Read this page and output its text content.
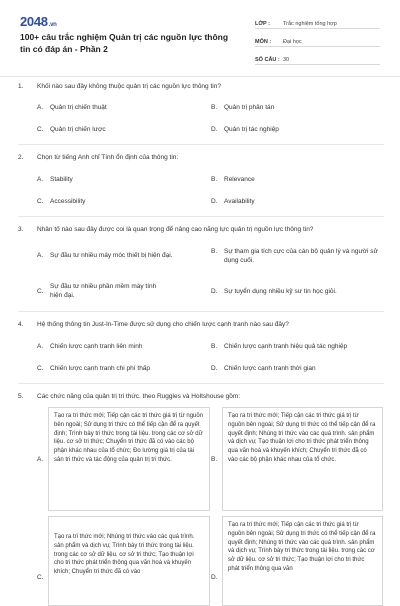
2048.vn
100+ câu trắc nghiệm Quản trị các nguồn lực thông tin có đáp án - Phần 2
LỚP :	Trắc nghiệm tổng hợp
MÔN :	Đại học
SỐ CÂU : 30
1.	Khối nào sau đây không thuộc quản trị các nguồn lực thông tin?
A.	Quản trị chiến thuật	B.	Quản trị phân tán
C.	Quản trị chiến lược	D.	Quản trị tác nghiệp
2.	Chọn từ tiếng Anh chỉ Tính ổn định của thông tin:
A.	Stability	B.	Relevance
C.	Accessibility	D.	Availability
3.	Nhân tố nào sau đây được coi là quan trọng để nâng cao năng lực quản trị nguồn lực thông tin?
A.	Sự đầu tư nhiều máy móc thiết bị hiện đại.
B.	Sự tham gia tích cực của cán bộ quản lý và người sử dụng cuối.
C.
Sự đầu tư nhiều phần mềm máy tính hiện đại.
D.	Sự tuyển dụng nhiều kỹ sư tin học giỏi.
4.	Hệ thống thông tin Just-In-Time được sử dụng cho chiến lược cạnh tranh nào sau đây?
A.	Chiến lược cạnh tranh liên minh	B.	Chiến lược cạnh tranh hiệu quả tác nghiệp
C.	Chiến lược cạnh tranh chi phí thấp	D.	Chiến lược cạnh tranh thời gian
5.	Các chức năng của quản trị tri thức. theo Ruggles và Holtshouse gồm:
A.
Tạo ra tri thức mới; Tiếp cận các tri thức giá trị từ nguồn bên ngoài; Sử dụng tri thức có thể tiếp cận để ra quyết định; Trình bày tri thức trong tài liệu. trong các cơ sở dữ liệu. cơ sở tri thức; Chuyển tri thức đã có vào các bộ phận khác nhau của tổ chức; Đo lường giá trị của tài sản tri thức và tác động của quản trị tri thức.	B.
Tạo ra tri thức mới; Tiếp cận các tri thức giá trị từ nguồn bên ngoài; Sử dụng tri thức có thể tiếp cận để ra quyết định; Nhúng tri thức vào các quá trình. sản phẩm và dịch vụ; Tạo thuận lợi cho tri thức phát triển thông qua văn hoá và khuyến khích; Chuyển tri thức đã có vào các bộ phận khác nhau của tổ chức.
C.
Tạo ra tri thức mới; Nhúng tri thức vào các quá trình. sản phẩm và dịch vụ; Trình bày tri thức trong tài liệu. trong các cơ sở dữ liệu. cơ sở tri thức; Tạo thuận lợi cho tri thức phát triển thông qua văn hoá và khuyến khích; Chuyển tri thức đã có vào
D.
Tạo ra tri thức mới; Tiếp cận các tri thức giá trị từ nguồn bên ngoài; Sử dụng tri thức có thể tiếp cận để ra quyết định; Nhúng tri thức vào các quá trình. sản phẩm và dịch vụ; Trình bày tri thức trong tài liệu. trong các cơ sở dữ liệu. cơ sở tri thức; Tạo thuận lợi cho tri thức phát triển thông qua văn
